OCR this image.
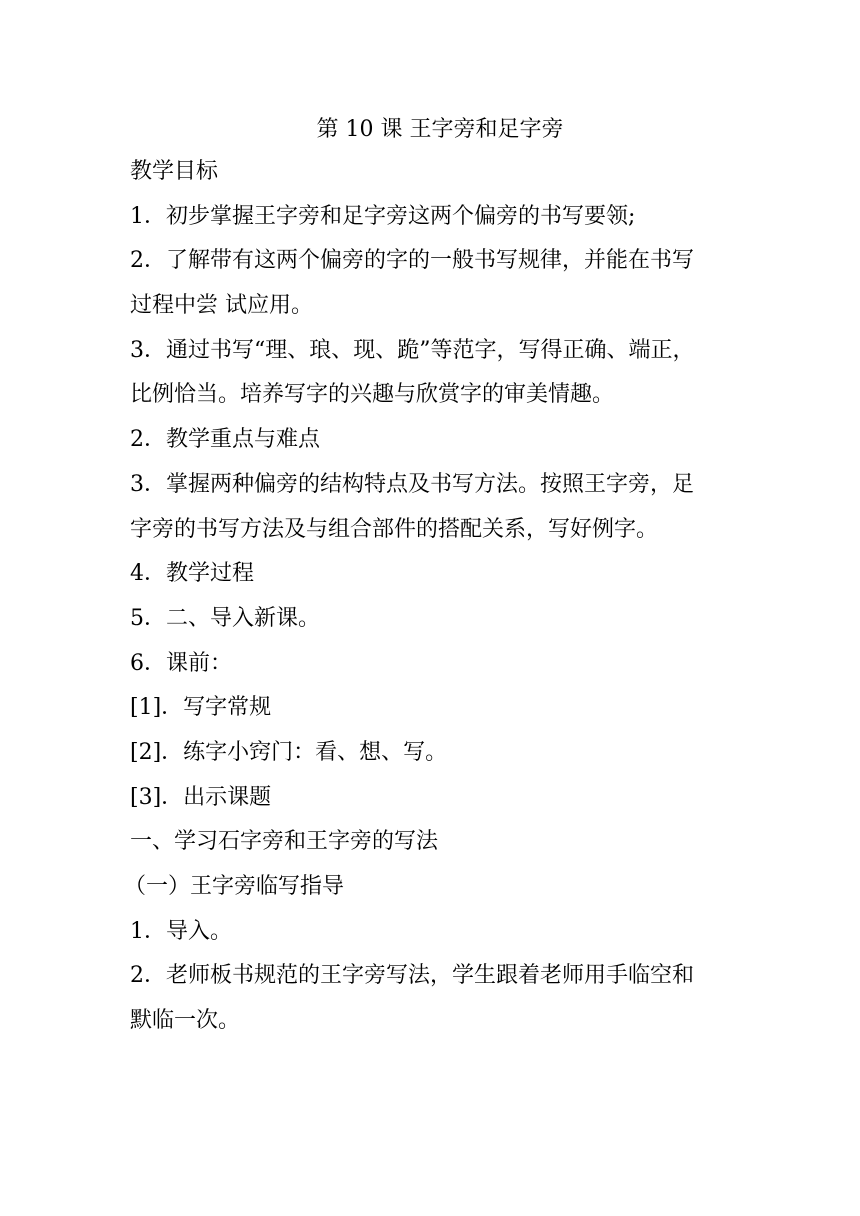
第 10 课 王字旁和足字旁

教学目标

1．初步掌握王字旁和足字旁这两个偏旁的书写要领;

2．了解带有这两个偏旁的字的一般书写规律，并能在书写

过程中尝 试应用。

3．通过书写“理、琅、现、跪”等范字，写得正确、端正，

比例恰当。培养写字的兴趣与欣赏字的审美情趣。

2．教学重点与难点

3．掌握两种偏旁的结构特点及书写方法。按照王字旁，足

字旁的书写方法及与组合部件的搭配关系，写好例字。

4．教学过程

5．二、导入新课。

6．课前：

[1]．写字常规

[2]．练字小窍门：看、想、写。

[3]．出示课题

一、学习石字旁和王字旁的写法

（一）王字旁临写指导

1．导入。

2．老师板书规范的王字旁写法，学生跟着老师用手临空和

默临一次。
